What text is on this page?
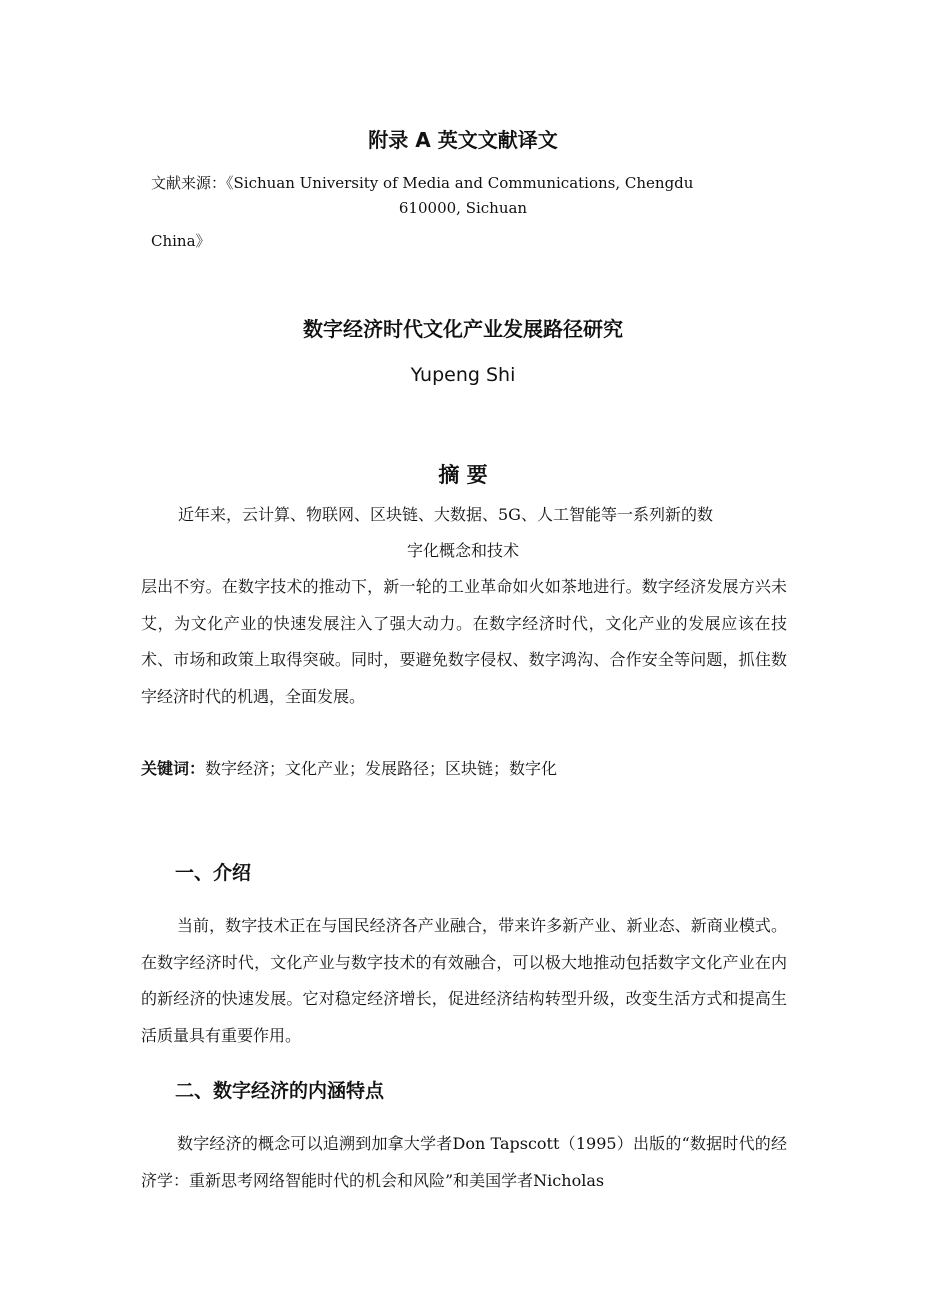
附录 A 英文文献译文
文献来源：《Sichuan University of Media and Communications, Chengdu
610000, Sichuan
China》
数字经济时代文化产业发展路径研究
Yupeng Shi
摘 要
近年来，云计算、物联网、区块链、大数据、5G、人工智能等一系列新的数
字化概念和技术
层出不穷。在数字技术的推动下，新一轮的工业革命如火如茶地进行。数字经济发展方兴未艾，为文化产业的快速发展注入了强大动力。在数字经济时代，文化产业的发展应该在技术、市场和政策上取得突破。同时，要避免数字侵权、数字鸿沟、合作安全等问题，抓住数字经济时代的机遇，全面发展。
关键词：数字经济；文化产业；发展路径；区块链；数字化
一、介绍
当前，数字技术正在与国民经济各产业融合，带来许多新产业、新业态、新商业模式。在数字经济时代，文化产业与数字技术的有效融合，可以极大地推动包括数字文化产业在内的新经济的快速发展。它对稳定经济增长，促进经济结构转型升级，改变生活方式和提高生活质量具有重要作用。
二、数字经济的内涵特点
数字经济的概念可以追溯到加拿大学者Don Tapscott（1995）出版的“数据时代的经济学：重新思考网络智能时代的机会和风险”和美国学者Nicholas
